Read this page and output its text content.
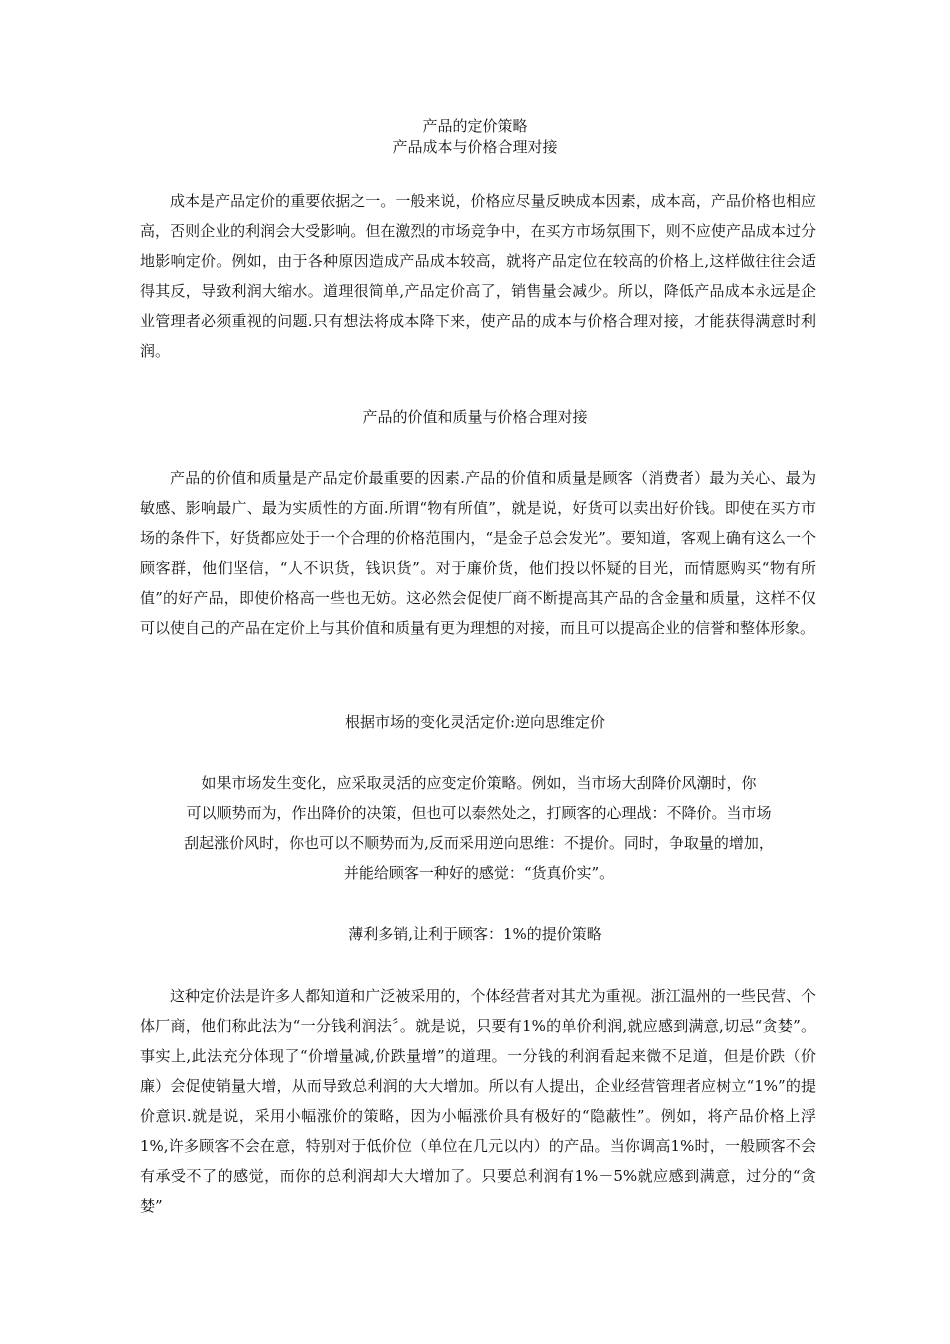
产品的定价策略
产品成本与价格合理对接
成本是产品定价的重要依据之一。一般来说，价格应尽量反映成本因素，成本高，产品价格也相应高，否则企业的利润会大受影响。但在激烈的市场竞争中，在买方市场氛围下，则不应使产品成本过分地影响定价。例如，由于各种原因造成产品成本较高，就将产品定位在较高的价格上,这样做往往会适得其反，导致利润大缩水。道理很简单,产品定价高了，销售量会减少。所以，降低产品成本永远是企业管理者必须重视的问题.只有想法将成本降下来，使产品的成本与价格合理对接，才能获得满意时利润。
产品的价值和质量与价格合理对接
产品的价值和质量是产品定价最重要的因素.产品的价值和质量是顾客（消费者）最为关心、最为敏感、影响最广、最为实质性的方面.所谓“物有所值”，就是说，好货可以卖出好价钱。即使在买方市场的条件下，好货都应处于一个合理的价格范围内，“是金子总会发光”。要知道，客观上确有这么一个顾客群，他们坚信，“人不识货，钱识货”。对于廉价货，他们投以怀疑的目光，而情愿购买“物有所值”的好产品，即使价格高一些也无妨。这必然会促使厂商不断提高其产品的含金量和质量，这样不仅可以使自己的产品在定价上与其价值和质量有更为理想的对接，而且可以提高企业的信誉和整体形象。
根据市场的变化灵活定价:逆向思维定价
如果市场发生变化，应采取灵活的应变定价策略。例如，当市场大刮降价风潮时，你
可以顺势而为，作出降价的决策，但也可以泰然处之，打顾客的心理战：不降价。当市场
刮起涨价风时，你也可以不顺势而为,反而采用逆向思维：不提价。同时，争取量的增加，
并能给顾客一种好的感觉：“货真价实”。
薄利多销,让利于顾客：1%的提价策略
这种定价法是许多人都知道和广泛被采用的，个体经营者对其尤为重视。浙江温州的一些民营、个体厂商，他们称此法为“一分钱利润法〞。就是说，只要有1%的单价利润,就应感到满意,切忌“贪婪”。事实上,此法充分体现了“价增量减,价跌量增”的道理。一分钱的利润看起来微不足道，但是价跌（价廉）会促使销量大增，从而导致总利润的大大增加。所以有人提出，企业经营管理者应树立“1%”的提价意识.就是说，采用小幅涨价的策略，因为小幅涨价具有极好的“隐蔽性”。例如，将产品价格上浮1%,许多顾客不会在意，特别对于低价位（单位在几元以内）的产品。当你调高1%时，一般顾客不会有承受不了的感觉，而你的总利润却大大增加了。只要总利润有1%－5%就应感到满意，过分的“贪婪”
